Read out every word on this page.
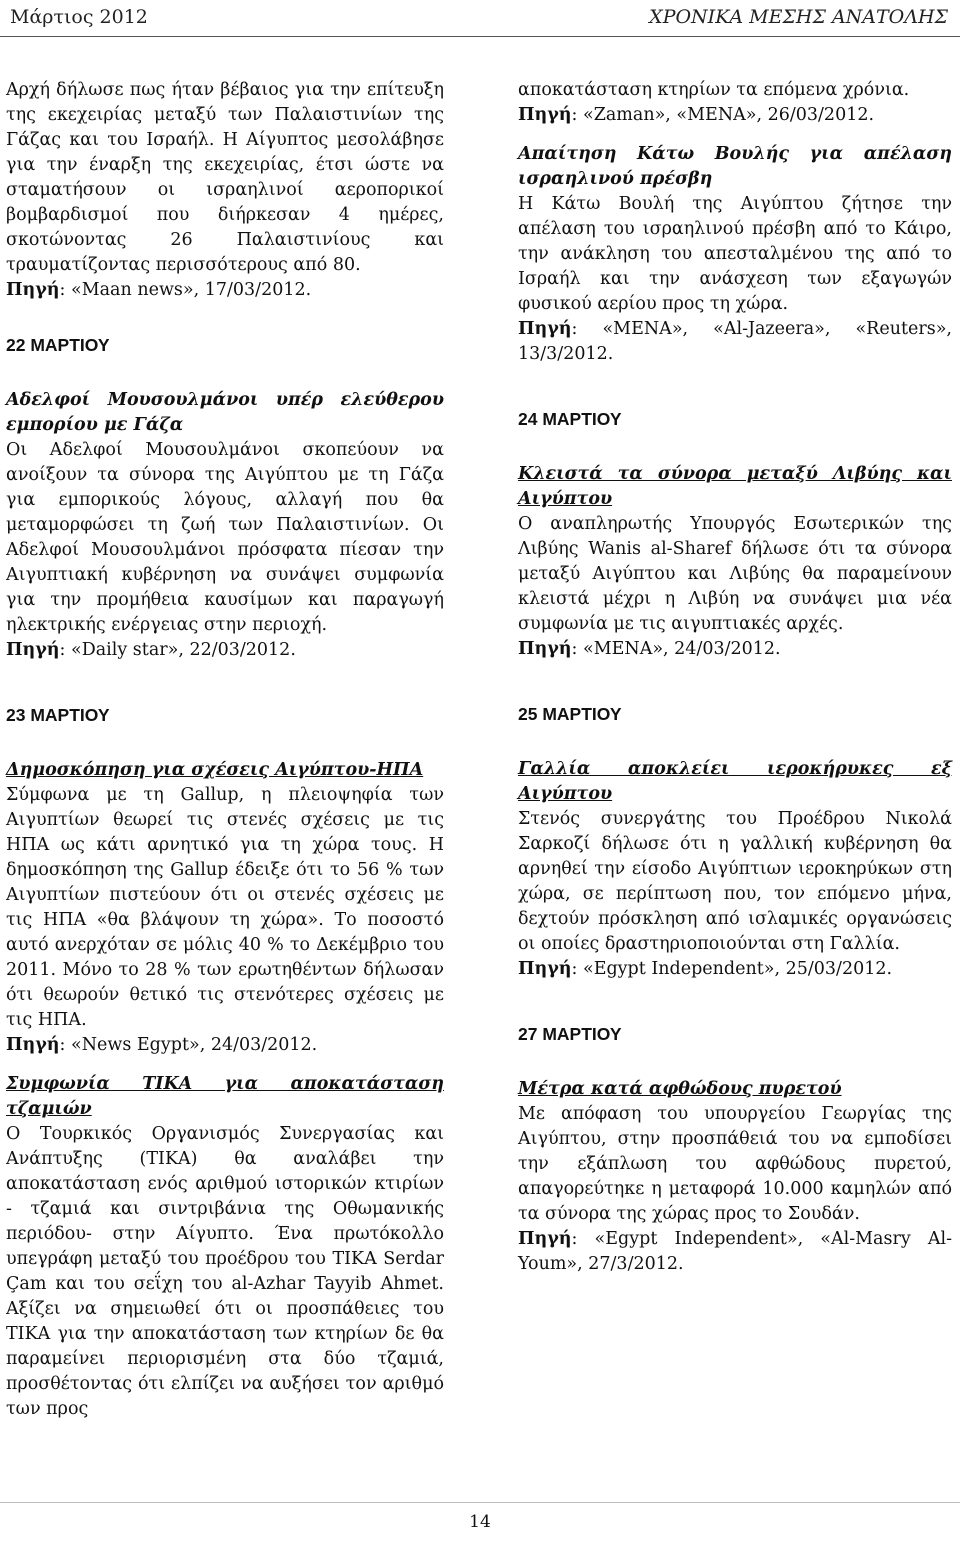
Μάρτιος 2012	ΧΡΟΝΙΚΑ ΜΕΣΗΣ ΑΝΑΤΟΛΗΣ

Αρχή δήλωσε πως ήταν βέβαιος για την επίτευξη της εκεχειρίας μεταξύ των Παλαιστινίων της Γάζας και του Ισραήλ. Η Αίγυπτος μεσολάβησε για την έναρξη της εκεχειρίας, έτσι ώστε να σταματήσουν οι ισραηλινοί αεροπορικοί βομβαρδισμοί που διήρκεσαν 4 ημέρες, σκοτώνοντας 26 Παλαιστινίους και τραυματίζοντας περισσότερους από 80.

Πηγή: «Maan news», 17/03/2012.

22 ΜΑΡΤΙΟΥ

Αδελφοί Μουσουλμάνοι υπέρ ελεύθερου εμπορίου με Γάζα

Οι Αδελφοί Μουσουλμάνοι σκοπεύουν να ανοίξουν τα σύνορα της Αιγύπτου με τη Γάζα για εμπορικούς λόγους, αλλαγή που θα μεταμορφώσει τη ζωή των Παλαιστινίων. Οι Αδελφοί Μουσουλμάνοι πρόσφατα πίεσαν την Αιγυπτιακή κυβέρνηση να συνάψει συμφωνία για την προμήθεια καυσίμων και παραγωγή ηλεκτρικής ενέργειας στην περιοχή.

Πηγή: «Daily star», 22/03/2012.

23 ΜΑΡΤΙΟΥ

Δημοσκόπηση για σχέσεις Αιγύπτου-ΗΠΑ

Σύμφωνα με τη Gallup, η πλειοψηφία των Αιγυπτίων θεωρεί τις στενές σχέσεις με τις ΗΠΑ ως κάτι αρνητικό για τη χώρα τους. Η δημοσκόπηση της Gallup έδειξε ότι το 56 % των Αιγυπτίων πιστεύουν ότι οι στενές σχέσεις με τις ΗΠΑ «θα βλάψουν τη χώρα». Το ποσοστό αυτό ανερχόταν σε μόλις 40 % το Δεκέμβριο του 2011. Μόνο το 28 % των ερωτηθέντων δήλωσαν ότι θεωρούν θετικό τις στενότερες σχέσεις με τις ΗΠΑ.

Πηγή: «News Egypt», 24/03/2012.

Συμφωνία ΤΙΚΑ για αποκατάσταση τζαμιών

Ο Τουρκικός Οργανισμός Συνεργασίας και Ανάπτυξης (ΤΙΚΑ) θα αναλάβει την αποκατάσταση ενός αριθμού ιστορικών κτιρίων - τζαμιά και σιντριβάνια της Οθωμανικής περιόδου- στην Αίγυπτο. Ένα πρωτόκολλο υπεγράφη μεταξύ του προέδρου του ΤΙΚΑ Serdar Çam και του σεΐχη του al-Azhar Tayyib Ahmet. Αξίζει να σημειωθεί ότι οι προσπάθειες του ΤΙΚΑ για την αποκατάσταση των κτηρίων δε θα παραμείνει περιορισμένη στα δύο τζαμιά, προσθέτοντας ότι ελπίζει να αυξήσει τον αριθμό των προς

αποκατάσταση κτηρίων τα επόμενα χρόνια.

Πηγή: «Zaman», «MENA», 26/03/2012.

Απαίτηση Κάτω Βουλής για απέλαση ισραηλινού πρέσβη

Η Κάτω Βουλή της Αιγύπτου ζήτησε την απέλαση του ισραηλινού πρέσβη από το Κάιρο, την ανάκληση του απεσταλμένου της από το Ισραήλ και την ανάσχεση των εξαγωγών φυσικού αερίου προς τη χώρα.

Πηγή: «MENA», «Al-Jazeera», «Reuters», 13/3/2012.

24 ΜΑΡΤΙΟΥ

Κλειστά τα σύνορα μεταξύ Λιβύης και Αιγύπτου

Ο αναπληρωτής Υπουργός Εσωτερικών της Λιβύης Wanis al-Sharef δήλωσε ότι τα σύνορα μεταξύ Αιγύπτου και Λιβύης θα παραμείνουν κλειστά μέχρι η Λιβύη να συνάψει μια νέα συμφωνία με τις αιγυπτιακές αρχές.

Πηγή: «MENA», 24/03/2012.

25 ΜΑΡΤΙΟΥ

Γαλλία αποκλείει ιεροκήρυκες εξ Αιγύπτου

Στενός συνεργάτης του Προέδρου Νικολά Σαρκοζί δήλωσε ότι η γαλλική κυβέρνηση θα αρνηθεί την είσοδο Αιγύπτιων ιεροκηρύκων στη χώρα, σε περίπτωση που, τον επόμενο μήνα, δεχτούν πρόσκληση από ισλαμικές οργανώσεις οι οποίες δραστηριοποιούνται στη Γαλλία.

Πηγή: «Egypt Independent», 25/03/2012.

27 ΜΑΡΤΙΟΥ

Μέτρα κατά αφθώδους πυρετού

Με απόφαση του υπουργείου Γεωργίας της Αιγύπτου, στην προσπάθειά του να εμποδίσει την εξάπλωση του αφθώδους πυρετού, απαγορεύτηκε η μεταφορά 10.000 καμηλών από τα σύνορα της χώρας προς το Σουδάν.

Πηγή: «Egypt Independent», «Al-Masry Al-Youm», 27/3/2012.

14
